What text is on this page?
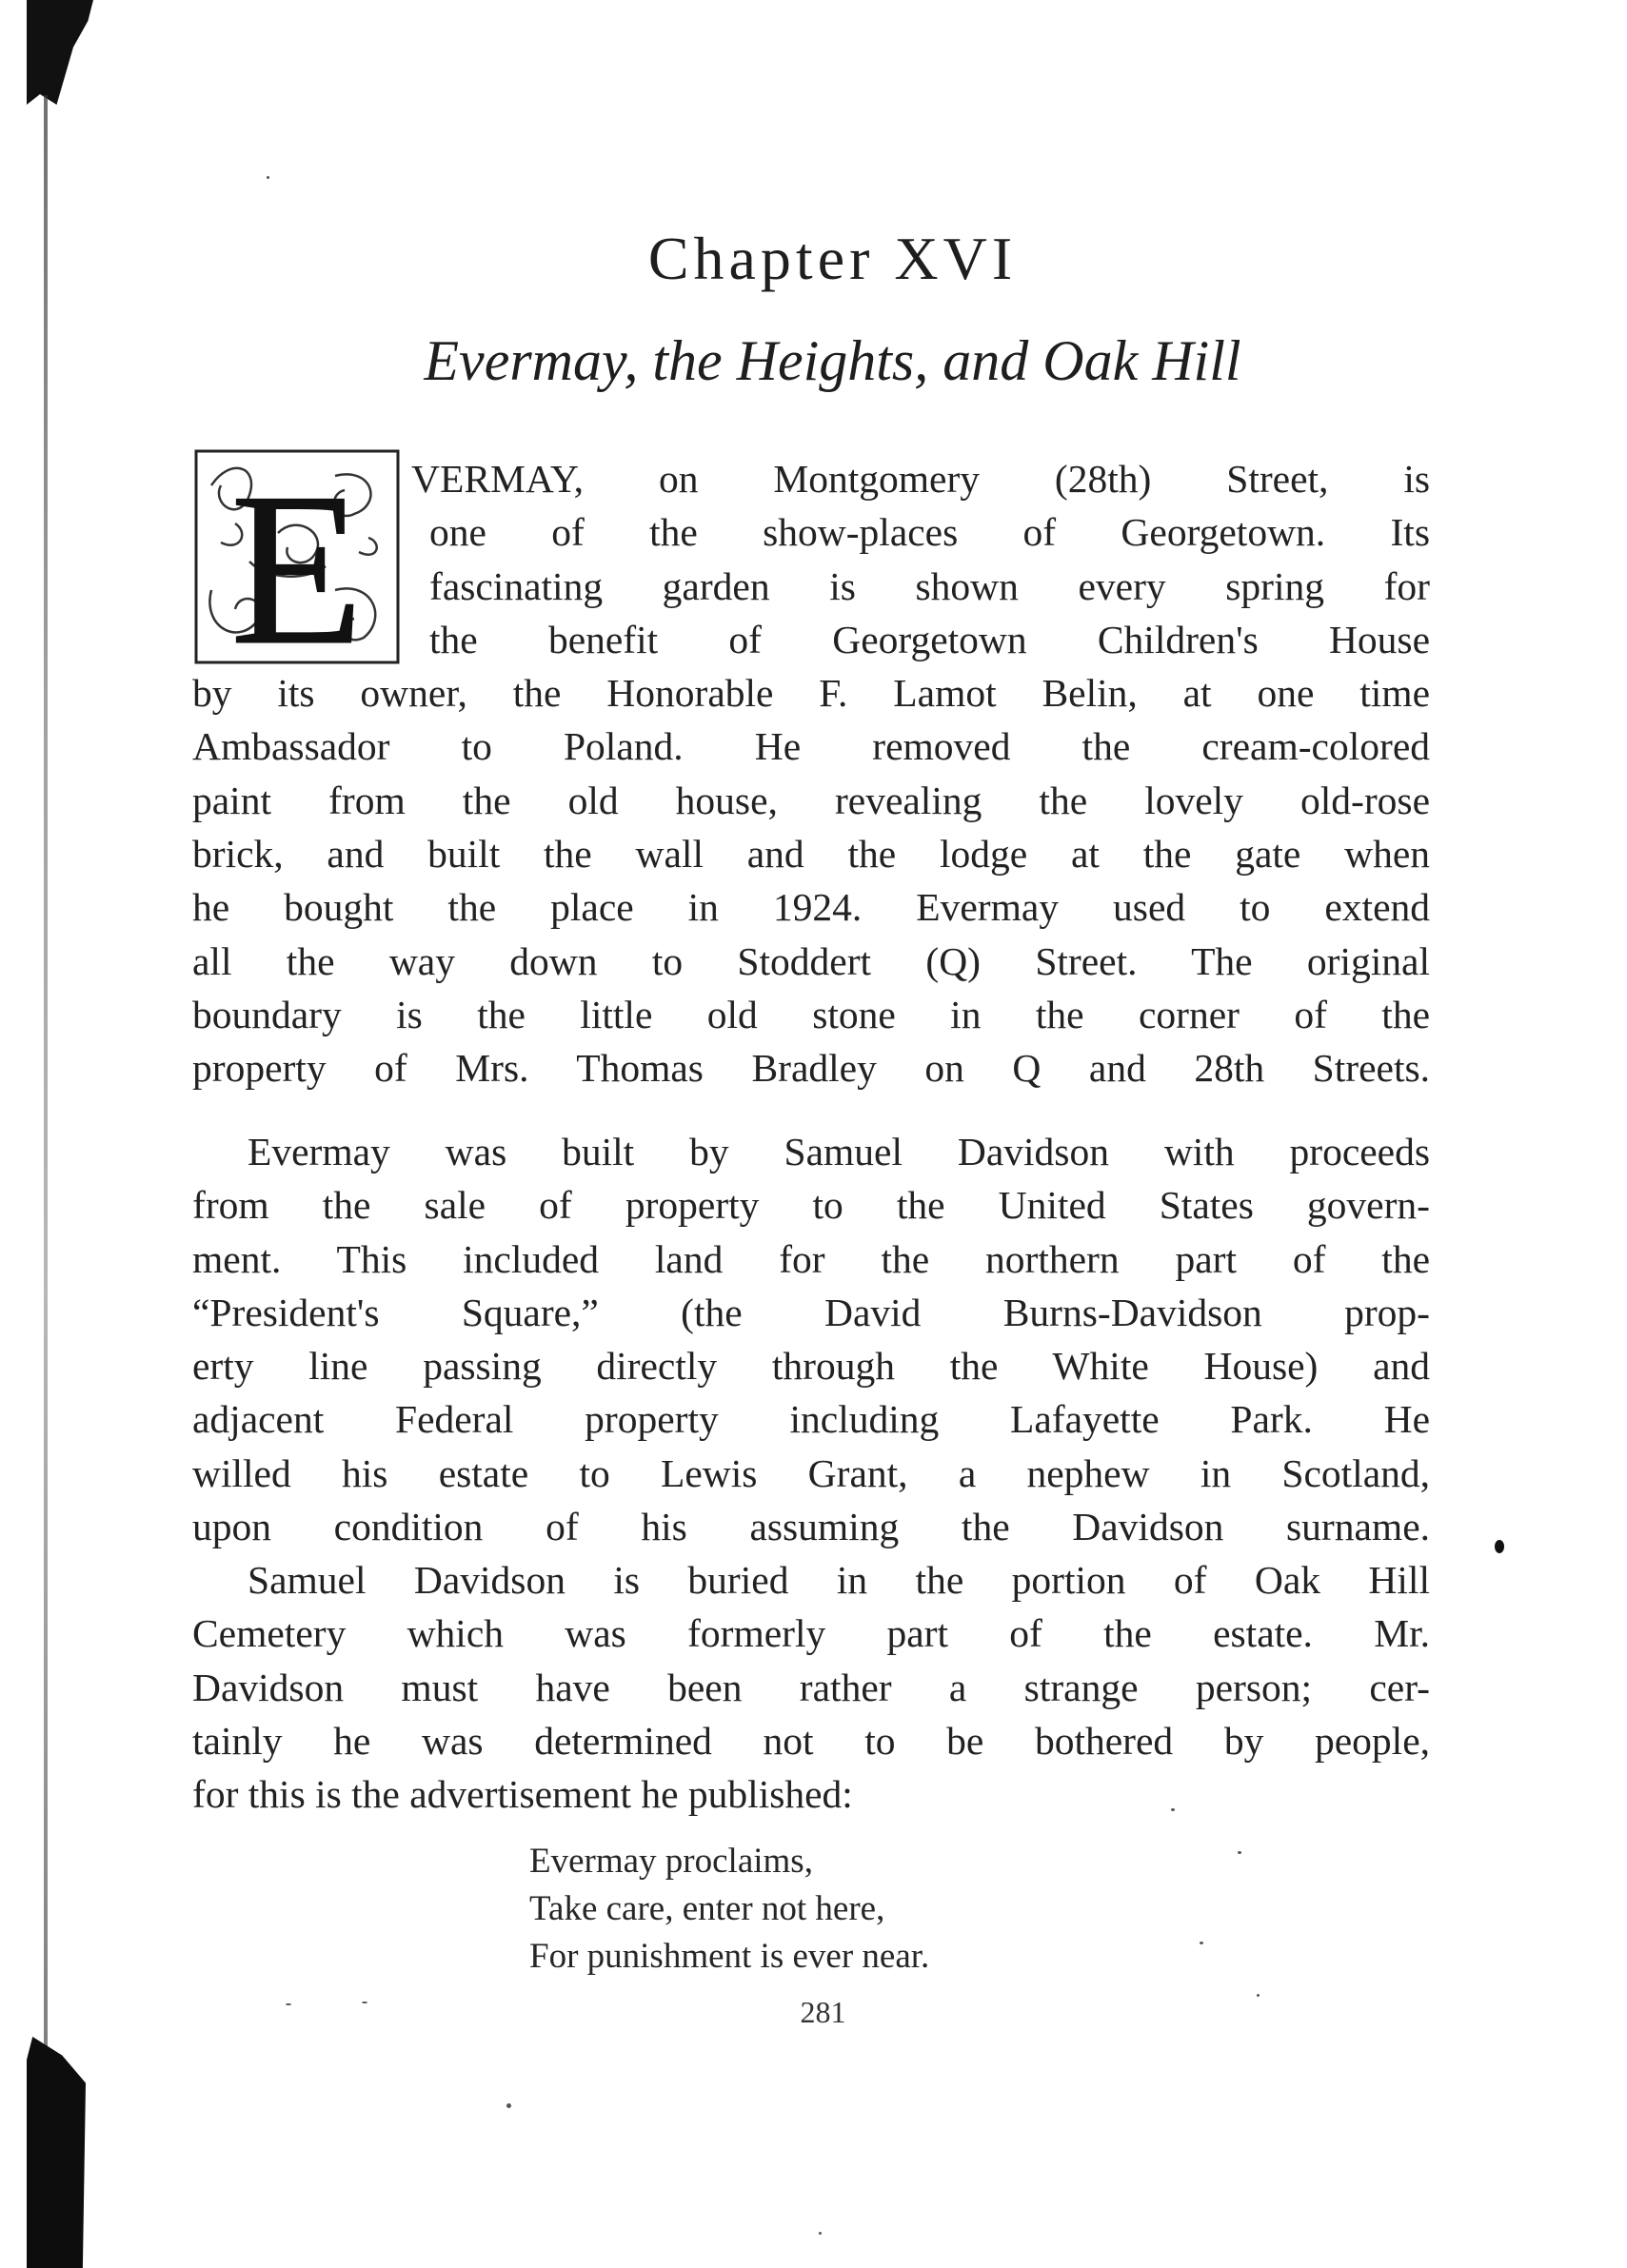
Chapter XVI
Evermay, the Heights, and Oak Hill
E	VERMAY, on Montgomery (28th) Street, is

one of the show-places of Georgetown. Its

fascinating garden is shown every spring for

the benefit of Georgetown Children's House

by its owner, the Honorable F. Lamot Belin, at one time

Ambassador to Poland. He removed the cream-colored

paint from the old house, revealing the lovely old-rose

brick, and built the wall and the lodge at the gate when

he bought the place in 1924. Evermay used to extend

all the way down to Stoddert (Q) Street. The original

boundary is the little old stone in the corner of the

property of Mrs. Thomas Bradley on Q and 28th Streets.

Evermay was built by Samuel Davidson with proceeds

from the sale of property to the United States govern-

ment. This included land for the northern part of the

“President's Square,” (the David Burns-Davidson prop-

erty line passing directly through the White House) and

adjacent Federal property including Lafayette Park. He

willed his estate to Lewis Grant, a nephew in Scotland,

upon condition of his assuming the Davidson surname.

Samuel Davidson is buried in the portion of Oak Hill

Cemetery which was formerly part of the estate. Mr.

Davidson must have been rather a strange person; cer-

tainly he was determined not to be bothered by people,

for this is the advertisement he published:

Evermay proclaims,
Take care, enter not here,
For punishment is ever near.
281
